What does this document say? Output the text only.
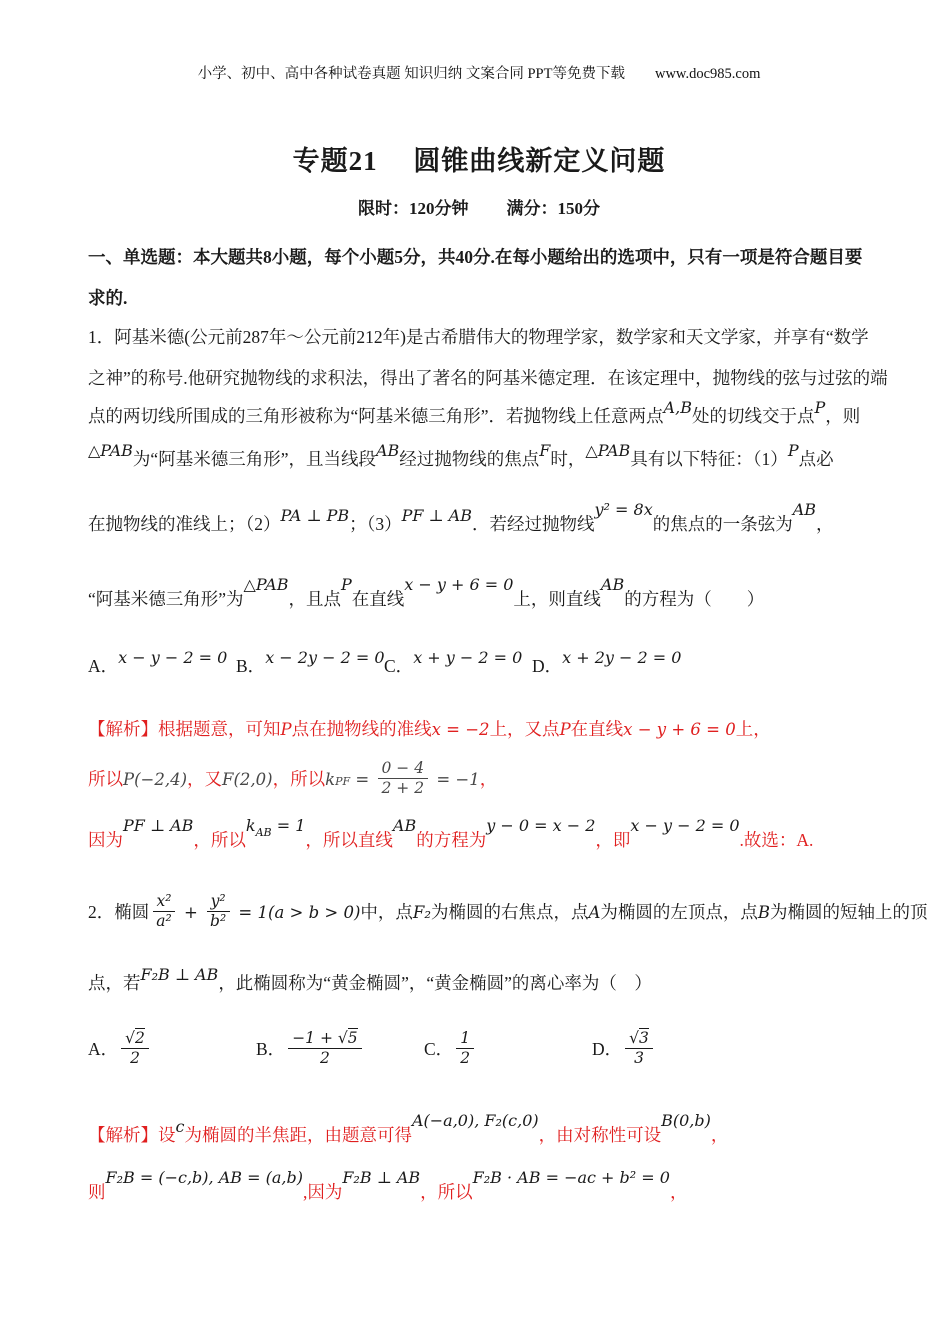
小学、初中、高中各种试卷真题 知识归纳 文案合同 PPT等免费下载 www.doc985.com
专题21　 圆锥曲线新定义问题
限时：120分钟 满分：150分
一、单选题：本大题共8小题，每个小题5分，共40分.在每小题给出的选项中，只有一项是符合题目要
求的.
1．阿基米德(公元前287年～公元前212年)是古希腊伟大的物理学家，数学家和天文学家，并享有“数学
之神”的称号.他研究抛物线的求积法，得出了著名的阿基米德定理．在该定理中，抛物线的弦与过弦的端
点的两切线所围成的三角形被称为“阿基米德三角形”．若抛物线上任意两点A,B处的切线交于点P，则
△PAB为“阿基米德三角形”，且当线段AB经过抛物线的焦点F时，△PAB具有以下特征：（1）P点必
在抛物线的准线上；（2）PA ⊥ PB；（3）PF ⊥ AB．若经过抛物线y² = 8x的焦点的一条弦为AB，
“阿基米德三角形”为△PAB，且点P在直线x − y + 6 = 0上，则直线AB的方程为（　　）
A．x − y − 2 = 0 B．x − 2y − 2 = 0 C．x + y − 2 = 0 D．x + 2y − 2 = 0
【解析】根据题意，可知P点在抛物线的准线x = −2上，又点P在直线x − y + 6 = 0上，
所以P(−2,4)，又F(2,0)，所以kPF = $\frac{0 - 4}{2 + 2} = -1$，
因为PF ⊥ AB，所以$k^{AB} = 1$，所以直线AB的方程为y − 0 = x − 2，即x − y − 2 = 0.故选：A.
2．椭圆 $\frac{\text{x²}}{\text{a²}} + \frac{\text{y²}}{\text{b²}} = 1(a > b > 0)$中，点F₂为椭圆的右焦点，点A为椭圆的左顶点，点B为椭圆的短轴上的顶
点，若F₂B ⊥ AB，此椭圆称为“黄金椭圆”，“黄金椭圆”的离心率为（　）
A． $\frac{√2}{2}$	B． $\frac{-1 + √5}{2}$	C． $\frac{1}{2}$	D． $\frac{√3}{3}$
【解析】设c为椭圆的半焦距，由题意可得A(−a,0), F₂(c,0)，由对称性可设B(0,b)，
则F₂B = (−c,b), AB = (a,b),因为F₂B ⊥ AB，所以F₂B · AB = −ac + b² = 0，
